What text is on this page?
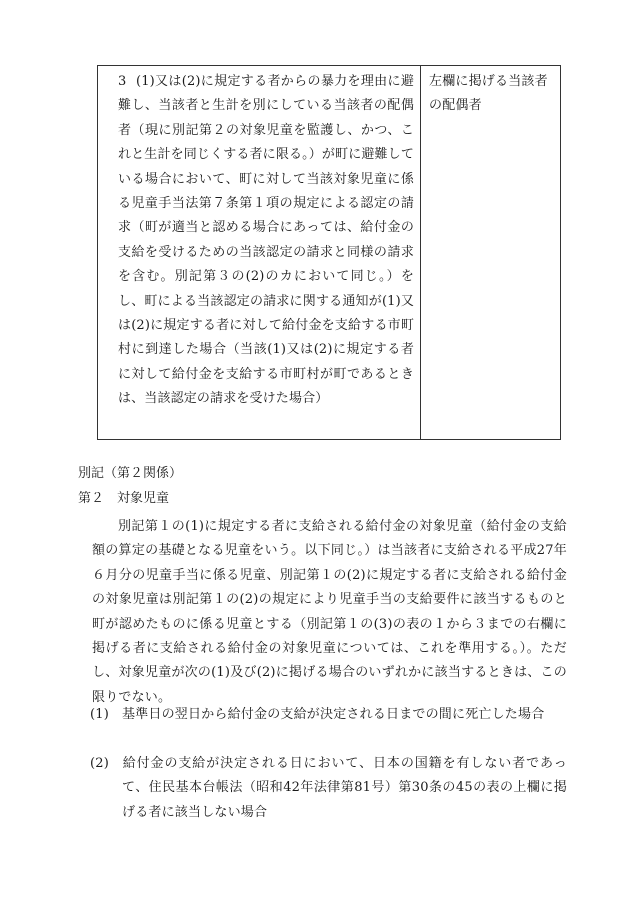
3 (1)又は(2)に規定する者からの暴力を理由に避難し、当該者と生計を別にしている当該者の配偶者（現に別記第２の対象児童を監護し、かつ、これと生計を同じくする者に限る。）が町に避難している場合において、町に対して当該対象児童に係る児童手当法第７条第１項の規定による認定の請求（町が適当と認める場合にあっては、給付金の支給を受けるための当該認定の請求と同様の請求を含む。別記第３の(2)のカにおいて同じ。）をし、町による当該認定の請求に関する通知が(1)又は(2)に規定する者に対して給付金を支給する市町村に到達した場合（当該(1)又は(2)に規定する者に対して給付金を支給する市町村が町であるときは、当該認定の請求を受けた場合）
左欄に掲げる当該者の配偶者
別記（第２関係）
第２　対象児童
別記第１の(1)に規定する者に支給される給付金の対象児童（給付金の支給額の算定の基礎となる児童をいう。以下同じ。）は当該者に支給される平成27年６月分の児童手当に係る児童、別記第１の(2)に規定する者に支給される給付金の対象児童は別記第１の(2)の規定により児童手当の支給要件に該当するものと町が認めたものに係る児童とする（別記第１の(3)の表の１から３までの右欄に掲げる者に支給される給付金の対象児童については、これを準用する。）。ただし、対象児童が次の(1)及び(2)に掲げる場合のいずれかに該当するときは、この限りでない。
(1) 基準日の翌日から給付金の支給が決定される日までの間に死亡した場合
(2) 給付金の支給が決定される日において、日本の国籍を有しない者であって、住民基本台帳法（昭和42年法律第81号）第30条の45の表の上欄に掲げる者に該当しない場合
